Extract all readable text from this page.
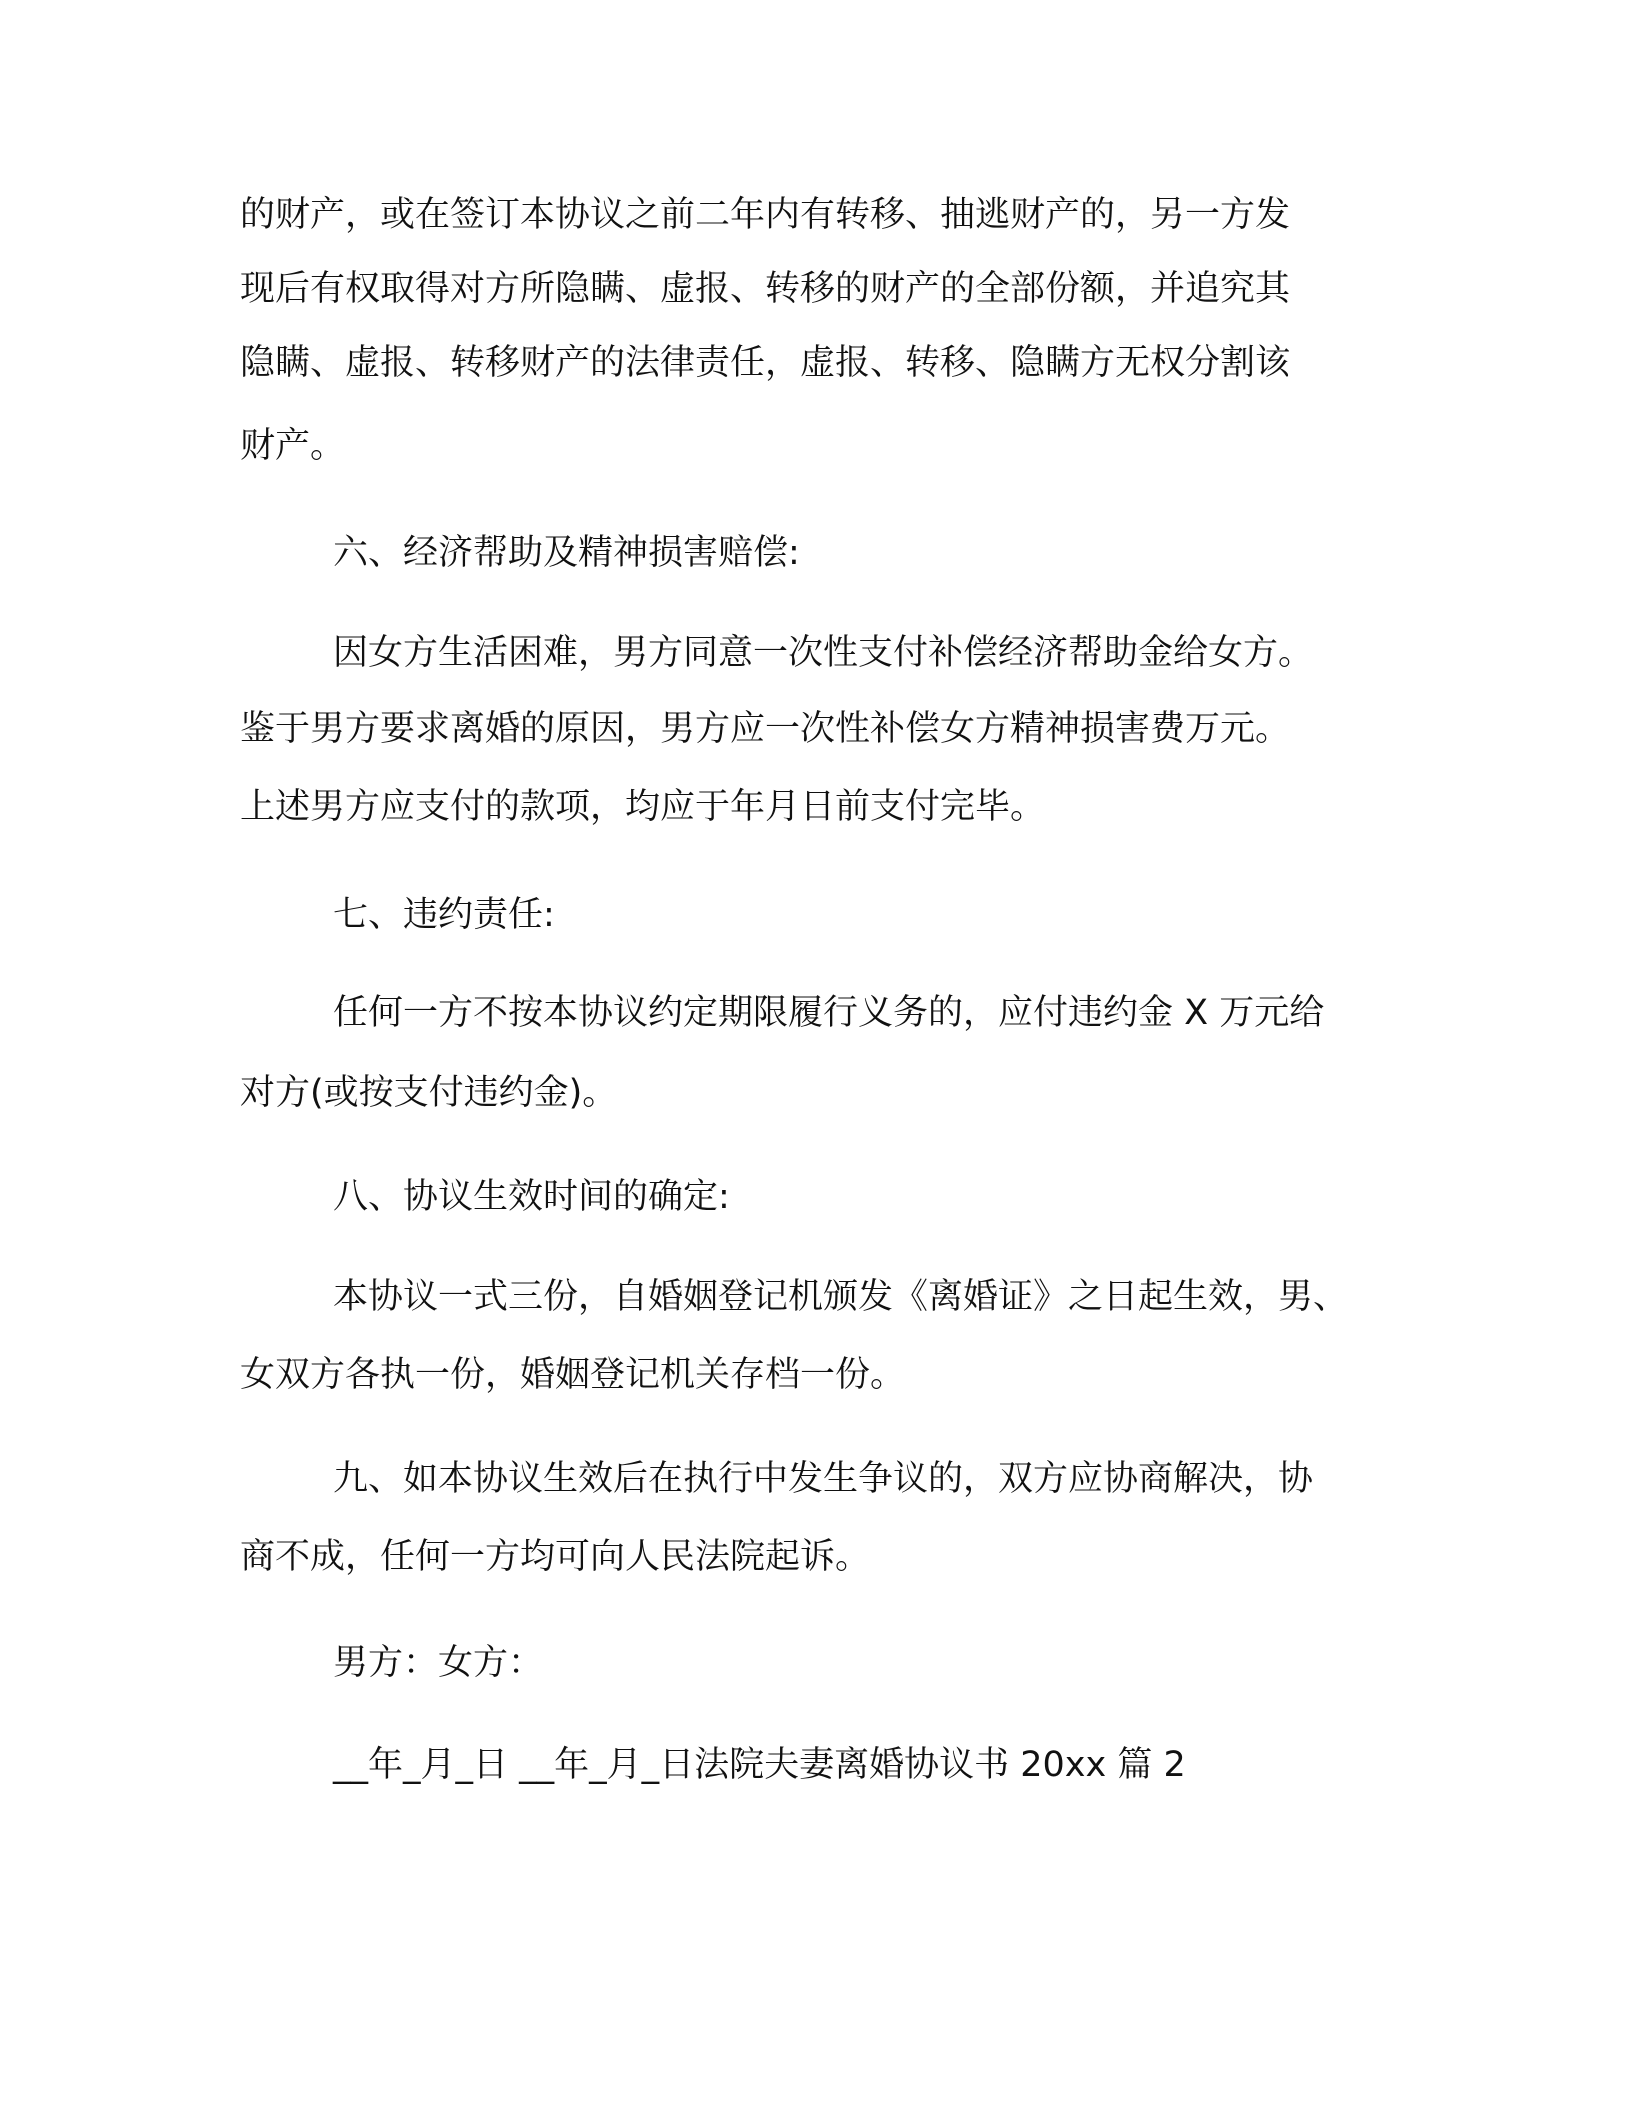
的财产，或在签订本协议之前二年内有转移、抽逃财产的，另一方发

现后有权取得对方所隐瞒、虚报、转移的财产的全部份额，并追究其

隐瞒、虚报、转移财产的法律责任，虚报、转移、隐瞒方无权分割该

财产。

六、经济帮助及精神损害赔偿:

因女方生活困难，男方同意一次性支付补偿经济帮助金给女方。

鉴于男方要求离婚的原因，男方应一次性补偿女方精神损害费万元。

上述男方应支付的款项，均应于年月日前支付完毕。

七、违约责任:

任何一方不按本协议约定期限履行义务的，应付违约金 X 万元给

对方(或按支付违约金)。

八、协议生效时间的确定:

本协议一式三份，自婚姻登记机颁发《离婚证》之日起生效，男、

女双方各执一份，婚姻登记机关存档一份。

九、如本协议生效后在执行中发生争议的，双方应协商解决，协

商不成，任何一方均可向人民法院起诉。

男方：女方：

__年_月_日 __年_月_日法院夫妻离婚协议书 20xx 篇 2
